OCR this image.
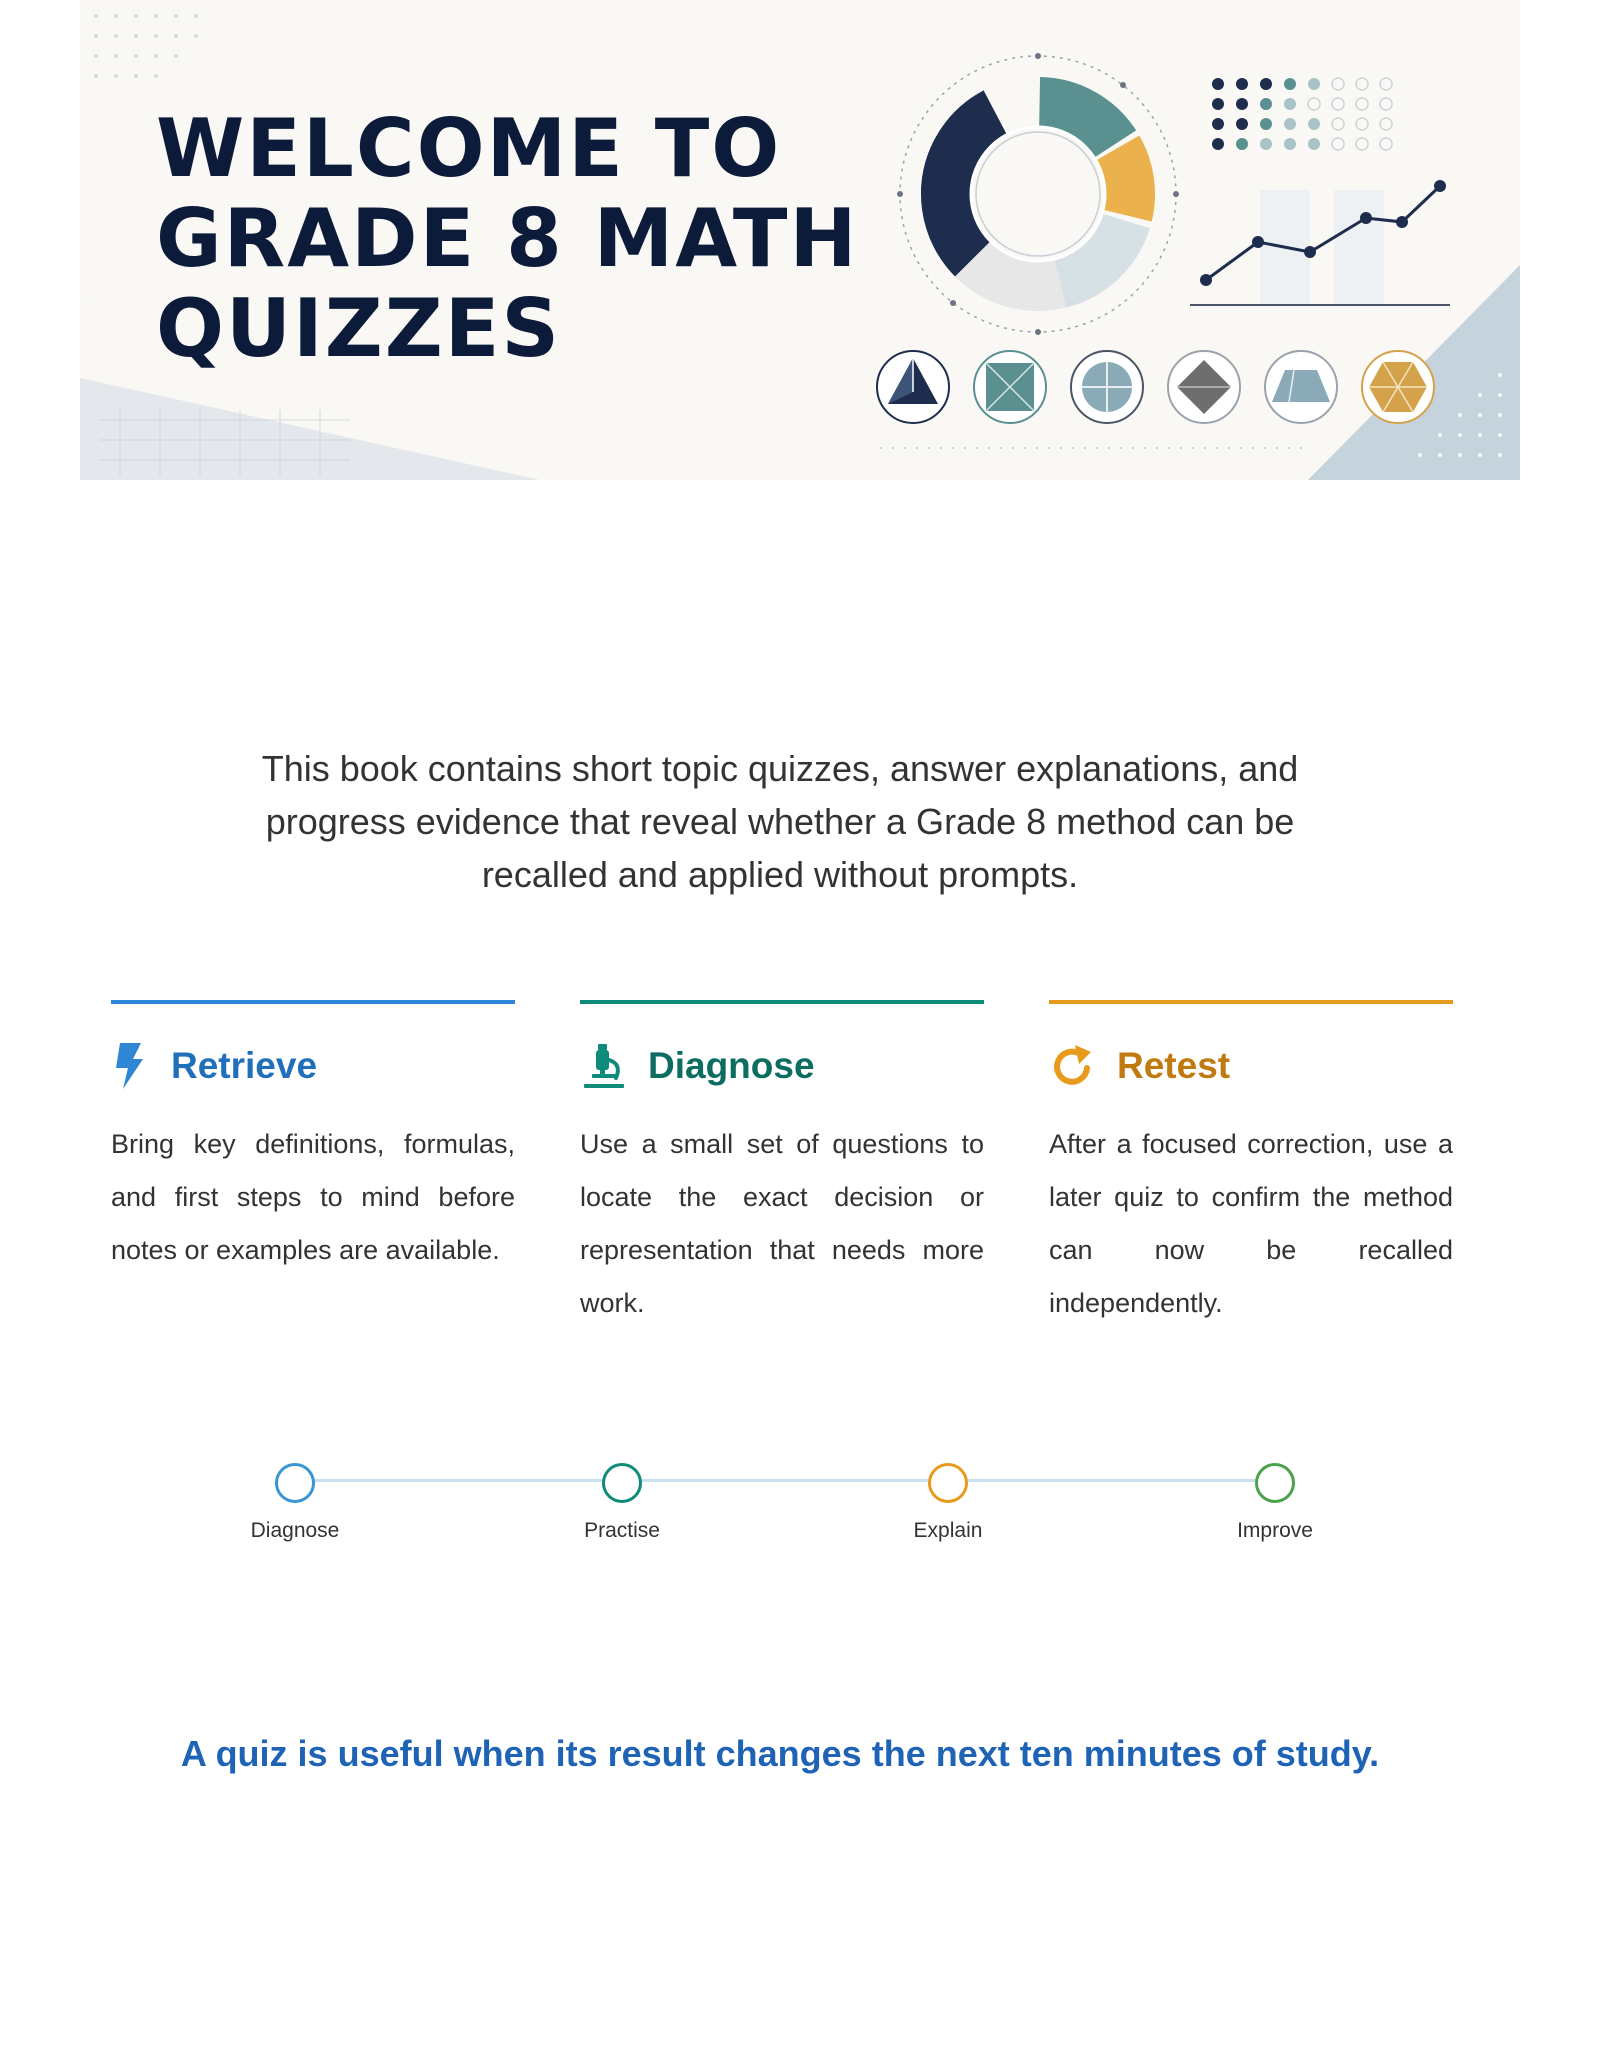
WELCOME TO
GRADE 8 MATH
QUIZZES

This book contains short topic quizzes, answer explanations, and progress evidence that reveal whether a Grade 8 method can be recalled and applied without prompts.

Retrieve

Bring key definitions, formulas, and first steps to mind before notes or examples are available.

Diagnose

Use a small set of questions to locate the exact decision or representation that needs more work.

Retest

After a focused correction, use a later quiz to confirm the method can now be recalled independently.

Diagnose	Practise	Explain	Improve

A quiz is useful when its result changes the next ten minutes of study.
